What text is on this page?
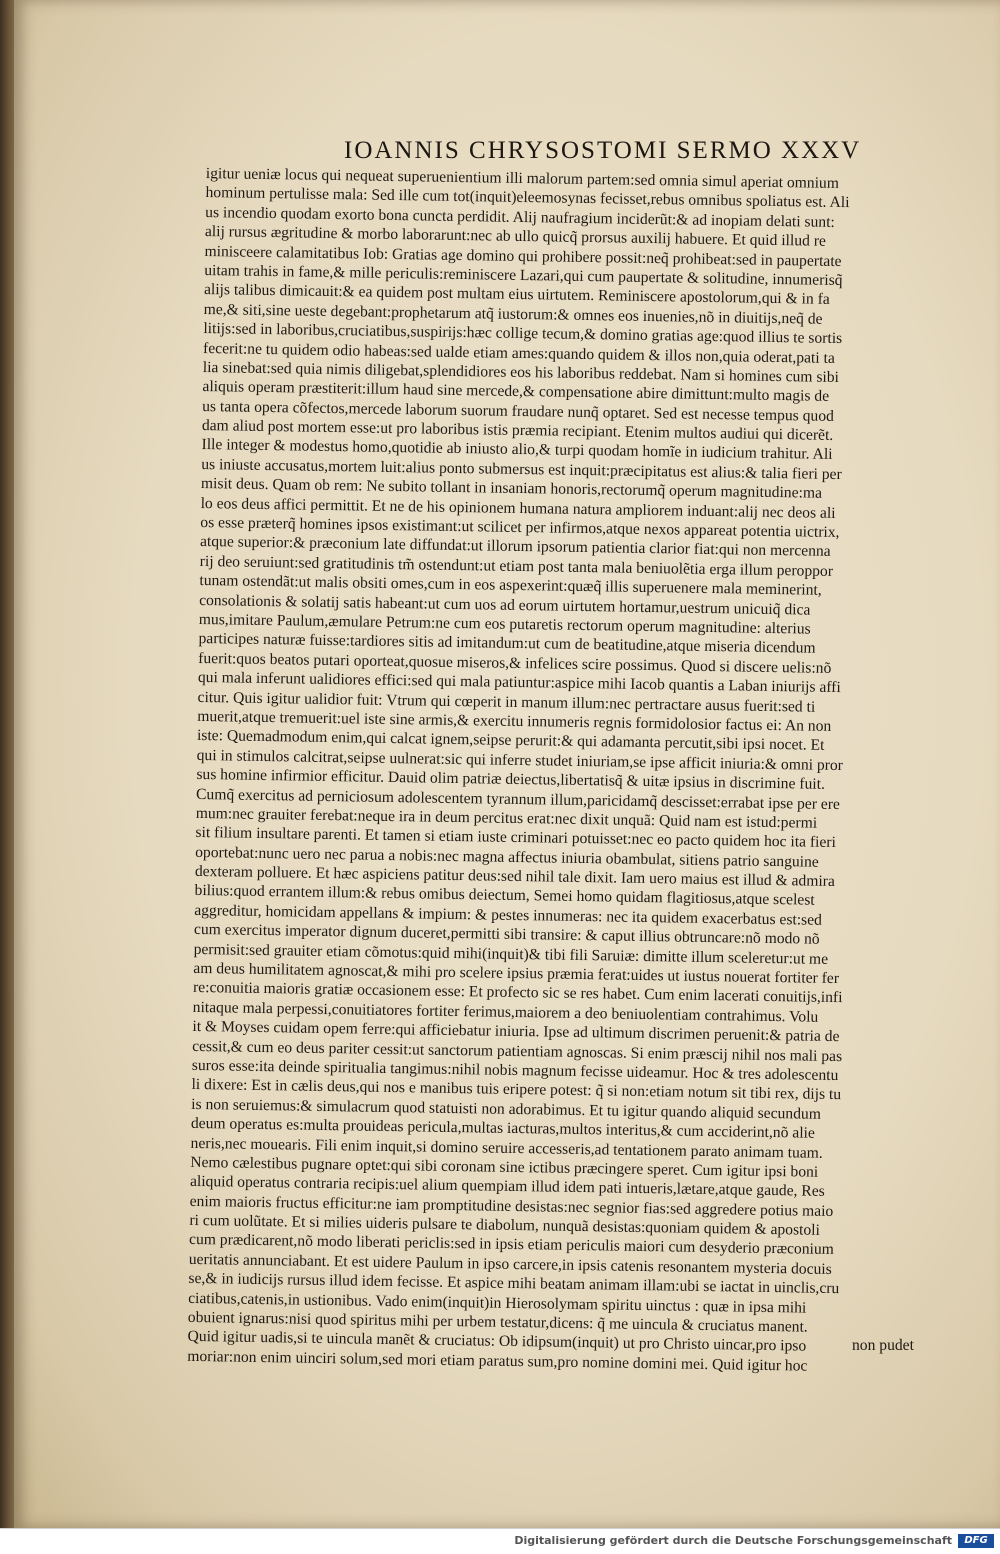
IOANNIS CHRYSOSTOMI SERMO XXXV
igitur ueniæ locus qui nequeat superuenientium illi malorum partem:sed omnia simul aperiat omnium
hominum pertulisse mala: Sed ille cum tot(inquit)eleemosynas fecisset,rebus omnibus spoliatus est. Ali
us incendio quodam exorto bona cuncta perdidit. Alij naufragium inciderũt:& ad inopiam delati sunt:
alij rursus ægritudine & morbo laborarunt:nec ab ullo quicq̃ prorsus auxilij habuere. Et quid illud re
minisceere calamitatibus Iob: Gratias age domino qui prohibere possit:neq̃ prohibeat:sed in paupertate
uitam trahis in fame,& mille periculis:reminiscere Lazari,qui cum paupertate & solitudine, innumerisq̃
alijs talibus dimicauit:& ea quidem post multam eius uirtutem. Reminiscere apostolorum,qui & in fa
me,& siti,sine ueste degebant:prophetarum atq̃ iustorum:& omnes eos inuenies,nõ in diuitijs,neq̃ de
litijs:sed in laboribus,cruciatibus,suspirijs:hæc collige tecum,& domino gratias age:quod illius te sortis
fecerit:ne tu quidem odio habeas:sed ualde etiam ames:quando quidem & illos non,quia oderat,pati ta
lia sinebat:sed quia nimis diligebat,splendidiores eos his laboribus reddebat. Nam si homines cum sibi
aliquis operam præstiterit:illum haud sine mercede,& compensatione abire dimittunt:multo magis de
us tanta opera cõfectos,mercede laborum suorum fraudare nunq̃ optaret. Sed est necesse tempus quod
dam aliud post mortem esse:ut pro laboribus istis præmia recipiant. Etenim multos audiui qui dicerẽt.
Ille integer & modestus homo,quotidie ab iniusto alio,& turpi quodam homĩe in iudicium trahitur. Ali
us iniuste accusatus,mortem luit:alius ponto submersus est inquit:præcipitatus est alius:& talia fieri per
misit deus. Quam ob rem: Ne subito tollant in insaniam honoris,rectorumq̃ operum magnitudine:ma
lo eos deus affici permittit. Et ne de his opinionem humana natura ampliorem induant:alij nec deos ali
os esse præterq̃ homines ipsos existimant:ut scilicet per infirmos,atque nexos appareat potentia uictrix,
atque superior:& præconium late diffundat:ut illorum ipsorum patientia clarior fiat:qui non mercenna
rij deo seruiunt:sed gratitudinis tm̃ ostendunt:ut etiam post tanta mala beniuolẽtia erga illum peroppor
tunam ostendãt:ut malis obsiti omes,cum in eos aspexerint:quæq̃ illis superuenere mala meminerint,
consolationis & solatij satis habeant:ut cum uos ad eorum uirtutem hortamur,uestrum unicuiq̃ dica
mus,imitare Paulum,æmulare Petrum:ne cum eos putaretis rectorum operum magnitudine: alterius
participes naturæ fuisse:tardiores sitis ad imitandum:ut cum de beatitudine,atque miseria dicendum
fuerit:quos beatos putari oporteat,quosue miseros,& infelices scire possimus. Quod si discere uelis:nõ
qui mala inferunt ualidiores effici:sed qui mala patiuntur:aspice mihi Iacob quantis a Laban iniurijs affi
citur. Quis igitur ualidior fuit: Vtrum qui cœperit in manum illum:nec pertractare ausus fuerit:sed ti
muerit,atque tremuerit:uel iste sine armis,& exercitu innumeris regnis formidolosior factus ei: An non
iste: Quemadmodum enim,qui calcat ignem,seipse perurit:& qui adamanta percutit,sibi ipsi nocet. Et
qui in stimulos calcitrat,seipse uulnerat:sic qui inferre studet iniuriam,se ipse afficit iniuria:& omni pror
sus homine infirmior efficitur. Dauid olim patriæ deiectus,libertatisq̃ & uitæ ipsius in discrimine fuit.
Cumq̃ exercitus ad perniciosum adolescentem tyrannum illum,paricidamq̃ descisset:errabat ipse per ere
mum:nec grauiter ferebat:neque ira in deum percitus erat:nec dixit unquã: Quid nam est istud:permi
sit filium insultare parenti. Et tamen si etiam iuste criminari potuisset:nec eo pacto quidem hoc ita fieri
oportebat:nunc uero nec parua a nobis:nec magna affectus iniuria obambulat, sitiens patrio sanguine
dexteram polluere. Et hæc aspiciens patitur deus:sed nihil tale dixit. Iam uero maius est illud & admira
bilius:quod errantem illum:& rebus omibus deiectum, Semei homo quidam flagitiosus,atque scelest
aggreditur, homicidam appellans & impium: & pestes innumeras: nec ita quidem exacerbatus est:sed
cum exercitus imperator dignum duceret,permitti sibi transire: & caput illius obtruncare:nõ modo nõ
permisit:sed grauiter etiam cõmotus:quid mihi(inquit)& tibi fili Saruiæ: dimitte illum sceleretur:ut me
am deus humilitatem agnoscat,& mihi pro scelere ipsius præmia ferat:uides ut iustus nouerat fortiter fer
re:conuitia maioris gratiæ occasionem esse: Et profecto sic se res habet. Cum enim lacerati conuitijs,infi
nitaque mala perpessi,conuitiatores fortiter ferimus,maiorem a deo beniuolentiam contrahimus. Volu
it & Moyses cuidam opem ferre:qui afficiebatur iniuria. Ipse ad ultimum discrimen peruenit:& patria de
cessit,& cum eo deus pariter cessit:ut sanctorum patientiam agnoscas. Si enim præscij nihil nos mali pas
suros esse:ita deinde spiritualia tangimus:nihil nobis magnum fecisse uideamur. Hoc & tres adolescentu
li dixere: Est in cælis deus,qui nos e manibus tuis eripere potest: q̃ si non:etiam notum sit tibi rex, dijs tu
is non seruiemus:& simulacrum quod statuisti non adorabimus. Et tu igitur quando aliquid secundum
deum operatus es:multa prouideas pericula,multas iacturas,multos interitus,& cum acciderint,nõ alie
neris,nec mouearis. Fili enim inquit,si domino seruire accesseris,ad tentationem parato animam tuam.
Nemo cælestibus pugnare optet:qui sibi coronam sine ictibus præcingere speret. Cum igitur ipsi boni
aliquid operatus contraria recipis:uel alium quempiam illud idem pati intueris,lætare,atque gaude, Res
enim maioris fructus efficitur:ne iam promptitudine desistas:nec segnior fias:sed aggredere potius maio
ri cum uolũtate. Et si milies uideris pulsare te diabolum, nunquã desistas:quoniam quidem & apostoli
cum prædicarent,nõ modo liberati periclis:sed in ipsis etiam periculis maiori cum desyderio præconium
ueritatis annunciabant. Et est uidere Paulum in ipso carcere,in ipsis catenis resonantem mysteria docuis
se,& in iudicijs rursus illud idem fecisse. Et aspice mihi beatam animam illam:ubi se iactat in uinclis,cru
ciatibus,catenis,in ustionibus. Vado enim(inquit)in Hierosolymam spiritu uinctus : quæ in ipsa mihi
obuient ignarus:nisi quod spiritus mihi per urbem testatur,dicens: q̃ me uincula & cruciatus manent.
Quid igitur uadis,si te uincula manẽt & cruciatus: Ob idipsum(inquit) ut pro Christo uincar,pro ipso
moriar:non enim uinciri solum,sed mori etiam paratus sum,pro nomine domini mei. Quid igitur hoc
non pudet
Digitalisierung gefördert durch die Deutsche Forschungsgemeinschaft	DFG
